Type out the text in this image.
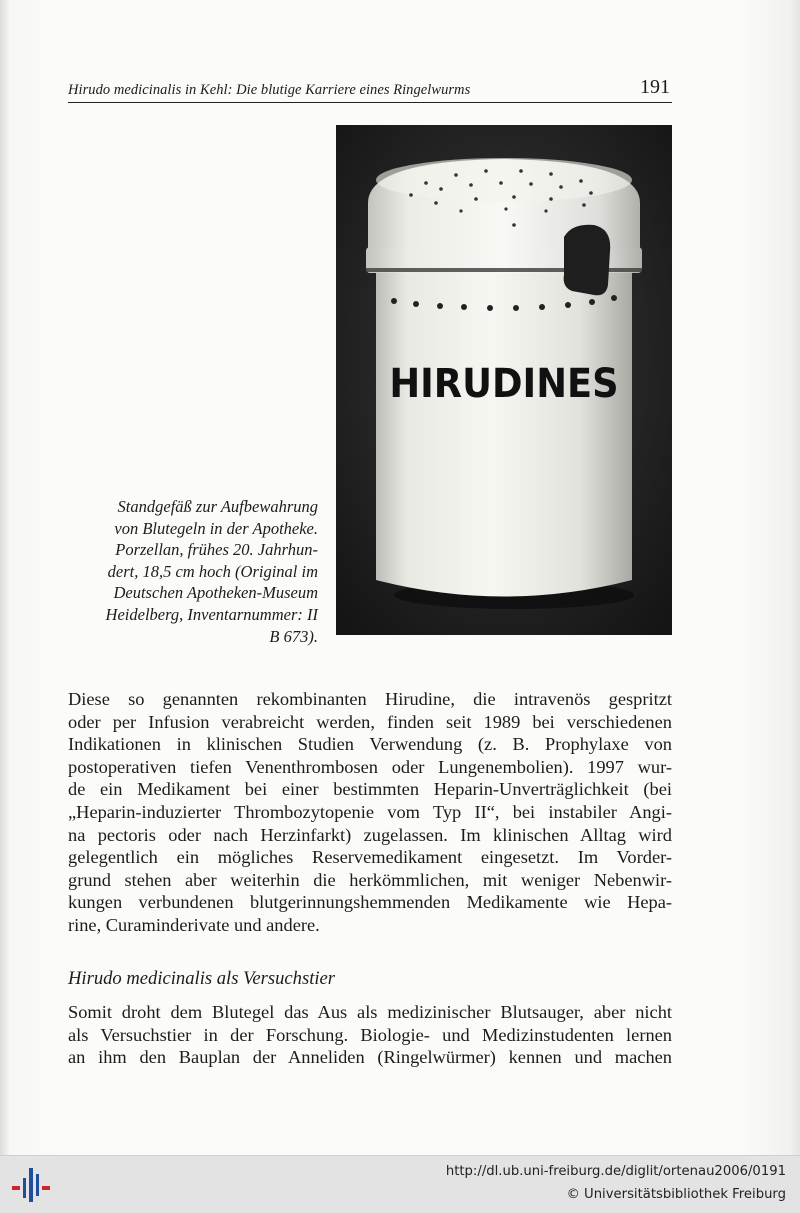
Hirudo medicinalis in Kehl: Die blutige Karriere eines Ringelwurms	191
HIRUDINES
Standgefäß zur Aufbewahrung
von Blutegeln in der Apotheke.
Porzellan, frühes 20. Jahrhun-
dert, 18,5 cm hoch (Original im
Deutschen Apotheken-Museum
Heidelberg, Inventarnummer: II
B 673).
Diese so genannten rekombinanten Hirudine, die intravenös gespritzt
oder per Infusion verabreicht werden, finden seit 1989 bei verschiedenen
Indikationen in klinischen Studien Verwendung (z. B. Prophylaxe von
postoperativen tiefen Venenthrombosen oder Lungenembolien). 1997 wur-
de ein Medikament bei einer bestimmten Heparin-Unverträglichkeit (bei
„Heparin-induzierter Thrombozytopenie vom Typ II“, bei instabiler Angi-
na pectoris oder nach Herzinfarkt) zugelassen. Im klinischen Alltag wird
gelegentlich ein mögliches Reservemedikament eingesetzt. Im Vorder-
grund stehen aber weiterhin die herkömmlichen, mit weniger Nebenwir-
kungen verbundenen blutgerinnungshemmenden Medikamente wie Hepa-
rine, Curaminderivate und andere.
Hirudo medicinalis als Versuchstier
Somit droht dem Blutegel das Aus als medizinischer Blutsauger, aber nicht
als Versuchstier in der Forschung. Biologie- und Medizinstudenten lernen
an ihm den Bauplan der Anneliden (Ringelwürmer) kennen und machen
http://dl.ub.uni-freiburg.de/diglit/ortenau2006/0191
© Universitätsbibliothek Freiburg
